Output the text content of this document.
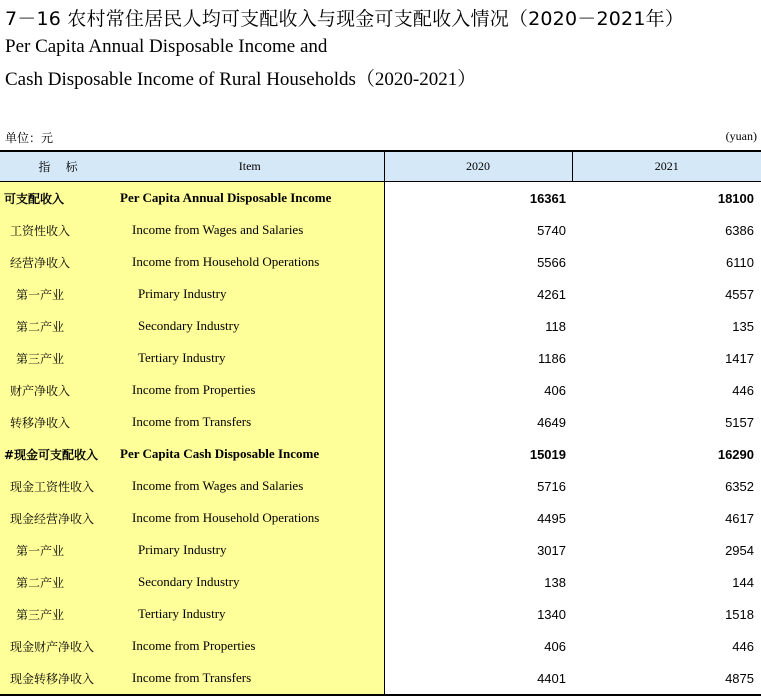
7－16 农村常住居民人均可支配收入与现金可支配收入情况（2020－2021年）
Per Capita Annual Disposable Income and
Cash Disposable Income of Rural Households（2020-2021）
单位：元	(yuan)
指    标	Item	2020	2021
可支配收入	Per Capita Annual Disposable Income	16361	18100
工资性收入	Income from Wages and Salaries	5740	6386
经营净收入	Income from Household Operations	5566	6110
第一产业	Primary Industry	4261	4557
第二产业	Secondary Industry	118	135
第三产业	Tertiary Industry	1186	1417
财产净收入	Income from Properties	406	446
转移净收入	Income from Transfers	4649	5157
#现金可支配收入	Per Capita Cash Disposable Income	15019	16290
现金工资性收入	Income from Wages and Salaries	5716	6352
现金经营净收入	Income from Household Operations	4495	4617
第一产业	Primary Industry	3017	2954
第二产业	Secondary Industry	138	144
第三产业	Tertiary Industry	1340	1518
现金财产净收入	Income from Properties	406	446
现金转移净收入	Income from Transfers	4401	4875
